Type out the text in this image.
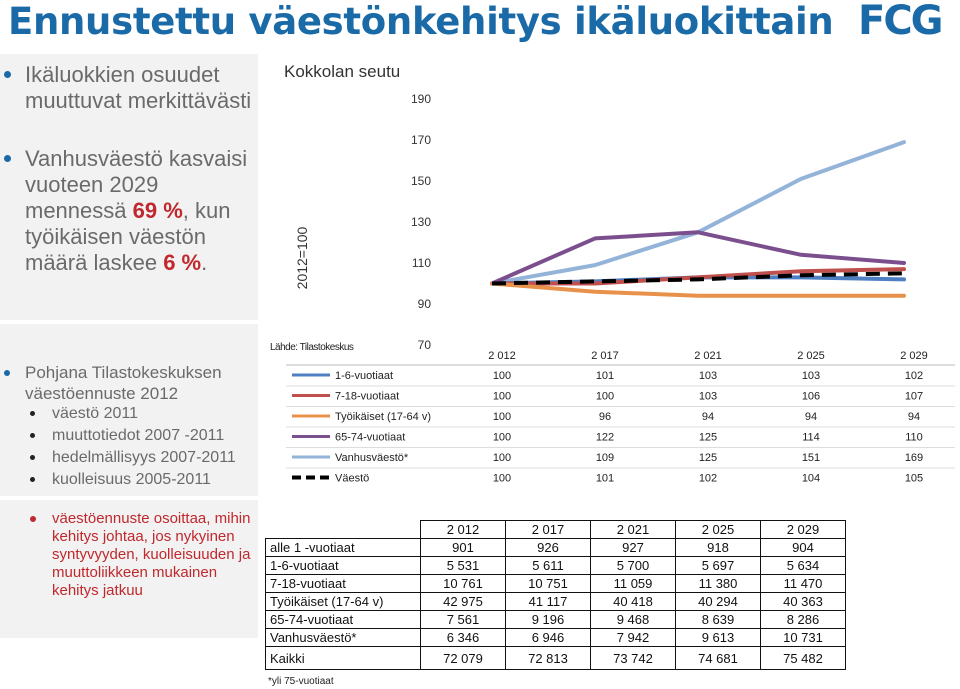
Ennustettu väestönkehitys ikäluokittain FCG
Ikäluokkien osuudet muuttuvat merkittävästi
Vanhusväestö kasvaisi vuoteen 2029 mennessä 69 %, kun työikäisen väestön määrä laskee 6 %.
Pohjana Tilastokeskuksen väestöennuste 2012
väestö 2011
muuttotiedot 2007 -2011
hedelmällisyys 2007-2011
kuolleisuus 2005-2011
väestöennuste osoittaa, mihin kehitys johtaa, jos nykyinen syntyvyyden, kuolleisuuden ja muuttoliikkeen mukainen kehitys jatkuu
Kokkolan seutu
2012=100
Lähde: Tilastokeskus	70
90
110
130
150
170
190
2 012	2 017	2 021	2 025	2 029
1-6-vuotiaat	100	101	103	103	102
7-18-vuotiaat	100	100	103	106	107
Työikäiset (17-64 v)	100	96	94	94	94
65-74-vuotiaat	100	122	125	114	110
Vanhusväestö*	100	109	125	151	169
Väestö	100	101	102	104	105
	2 012	2 017	2 021	2 025	2 029
alle 1 -vuotiaat	901	926	927	918	904
1-6-vuotiaat	5 531	5 611	5 700	5 697	5 634
7-18-vuotiaat	10 761	10 751	11 059	11 380	11 470
Työikäiset (17-64 v)	42 975	41 117	40 418	40 294	40 363
65-74-vuotiaat	7 561	9 196	9 468	8 639	8 286
Vanhusväestö*	6 346	6 946	7 942	9 613	10 731
Kaikki	72 079	72 813	73 742	74 681	75 482
*yli 75-vuotiaat
